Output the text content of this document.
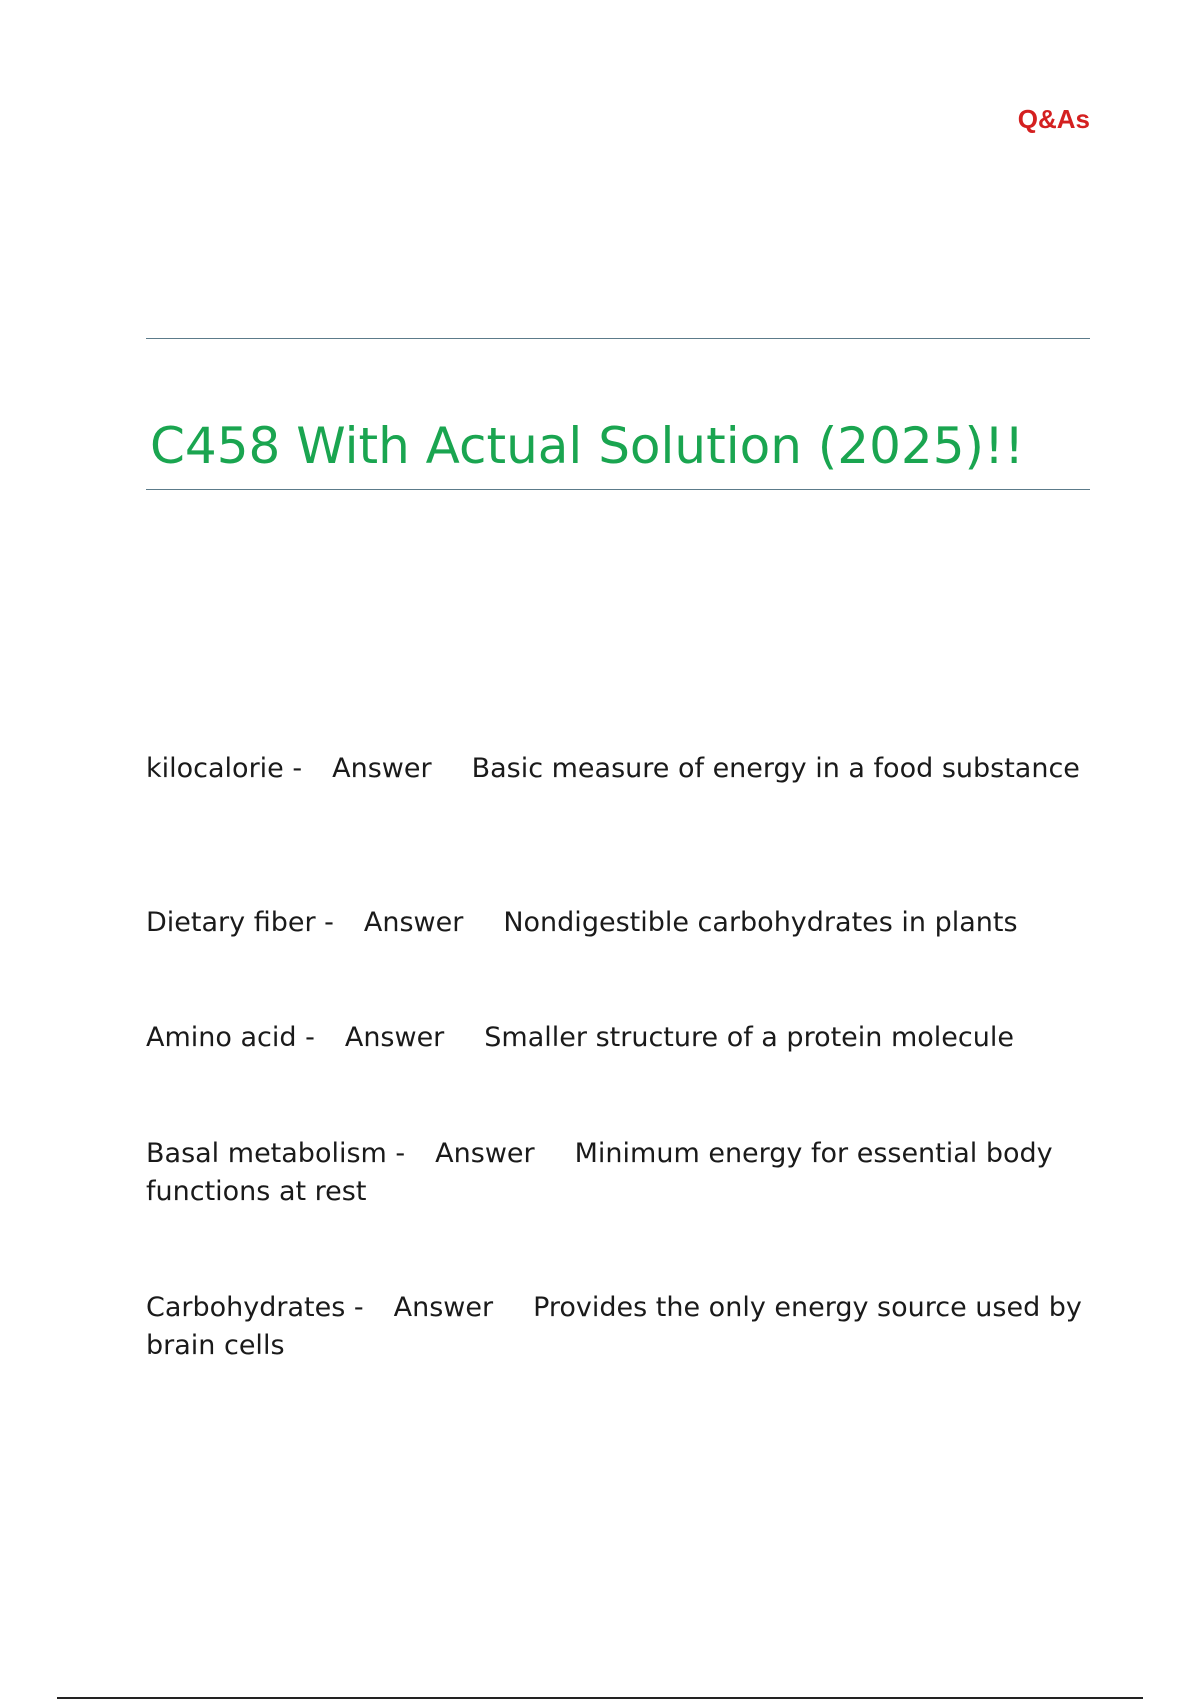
Q&As
C458 With Actual Solution (2025)!!

kilocalorie - Answer Basic measure of energy in a food substance

Dietary fiber - Answer Nondigestible carbohydrates in plants

Amino acid - Answer Smaller structure of a protein molecule

Basal metabolism - Answer Minimum energy for essential body functions at rest

Carbohydrates - Answer Provides the only energy source used by brain cells
